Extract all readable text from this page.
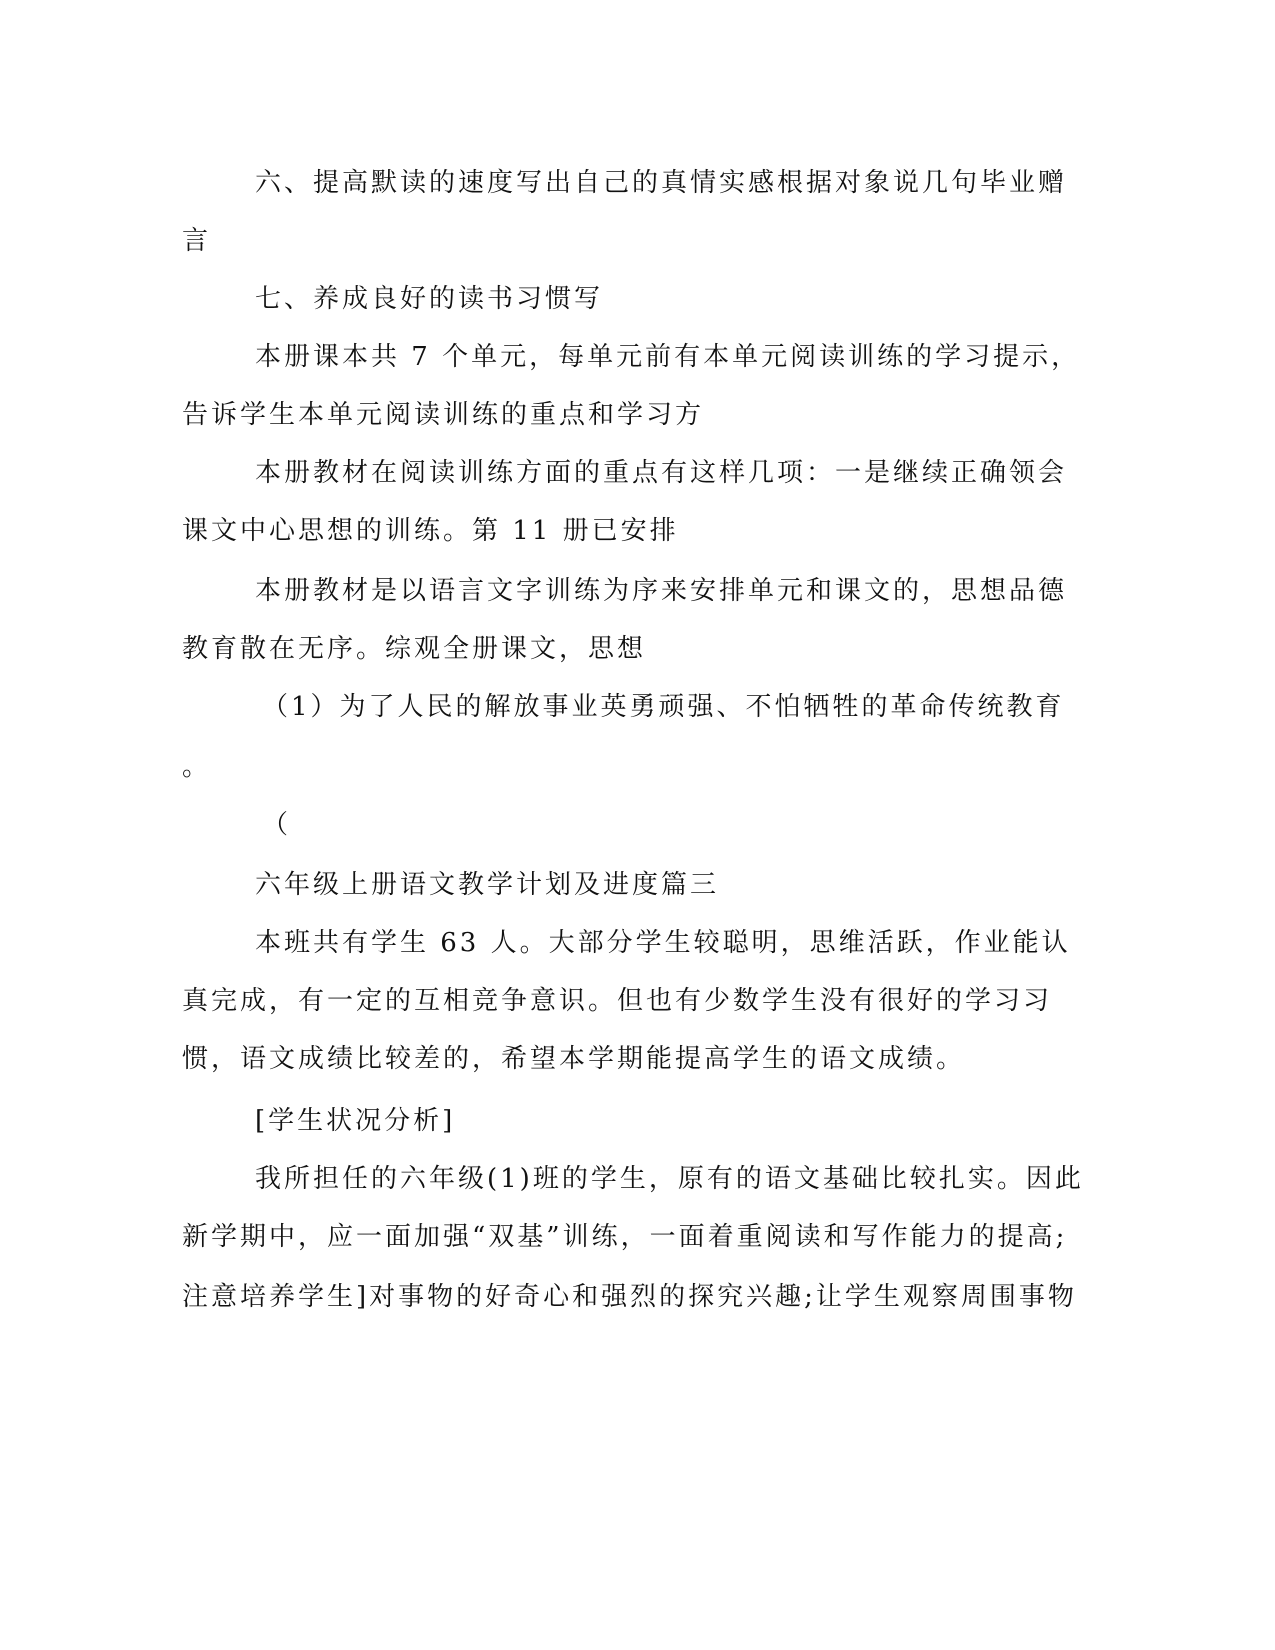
六、提高默读的速度写出自己的真情实感根据对象说几句毕业赠

言

七、养成良好的读书习惯写

本册课本共 7 个单元，每单元前有本单元阅读训练的学习提示，

告诉学生本单元阅读训练的重点和学习方

本册教材在阅读训练方面的重点有这样几项：一是继续正确领会

课文中心思想的训练。第 11 册已安排

本册教材是以语言文字训练为序来安排单元和课文的，思想品德

教育散在无序。综观全册课文，思想

（1）为了人民的解放事业英勇顽强、不怕牺牲的革命传统教育

。

（

六年级上册语文教学计划及进度篇三

本班共有学生 63 人。大部分学生较聪明，思维活跃，作业能认

真完成，有一定的互相竞争意识。但也有少数学生没有很好的学习习

惯，语文成绩比较差的，希望本学期能提高学生的语文成绩。

[学生状况分析]

我所担任的六年级(1)班的学生，原有的语文基础比较扎实。因此

新学期中，应一面加强“双基”训练，一面着重阅读和写作能力的提高;

注意培养学生]对事物的好奇心和强烈的探究兴趣;让学生观察周围事物
